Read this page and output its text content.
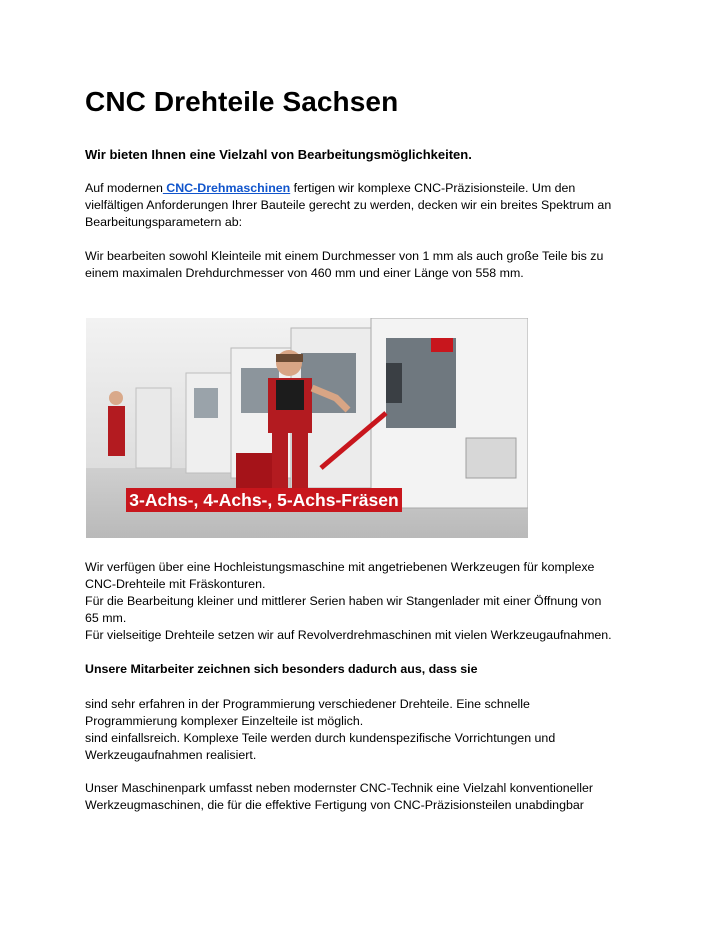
CNC Drehteile Sachsen

Wir bieten Ihnen eine Vielzahl von Bearbeitungsmöglichkeiten.

Auf modernen CNC-Drehmaschinen fertigen wir komplexe CNC-Präzisionsteile. Um den
vielfältigen Anforderungen Ihrer Bauteile gerecht zu werden, decken wir ein breites Spektrum an
Bearbeitungsparametern ab:

Wir bearbeiten sowohl Kleinteile mit einem Durchmesser von 1 mm als auch große Teile bis zu
einem maximalen Drehdurchmesser von 460 mm und einer Länge von 558 mm.

3-Achs-, 4-Achs-, 5-Achs-Fräsen

Wir verfügen über eine Hochleistungsmaschine mit angetriebenen Werkzeugen für komplexe
CNC-Drehteile mit Fräskonturen.
Für die Bearbeitung kleiner und mittlerer Serien haben wir Stangenlader mit einer Öffnung von
65 mm.
Für vielseitige Drehteile setzen wir auf Revolverdrehmaschinen mit vielen Werkzeugaufnahmen.

Unsere Mitarbeiter zeichnen sich besonders dadurch aus, dass sie

sind sehr erfahren in der Programmierung verschiedener Drehteile. Eine schnelle
Programmierung komplexer Einzelteile ist möglich.
sind einfallsreich. Komplexe Teile werden durch kundenspezifische Vorrichtungen und
Werkzeugaufnahmen realisiert.

Unser Maschinenpark umfasst neben modernster CNC-Technik eine Vielzahl konventioneller
Werkzeugmaschinen, die für die effektive Fertigung von CNC-Präzisionsteilen unabdingbar
